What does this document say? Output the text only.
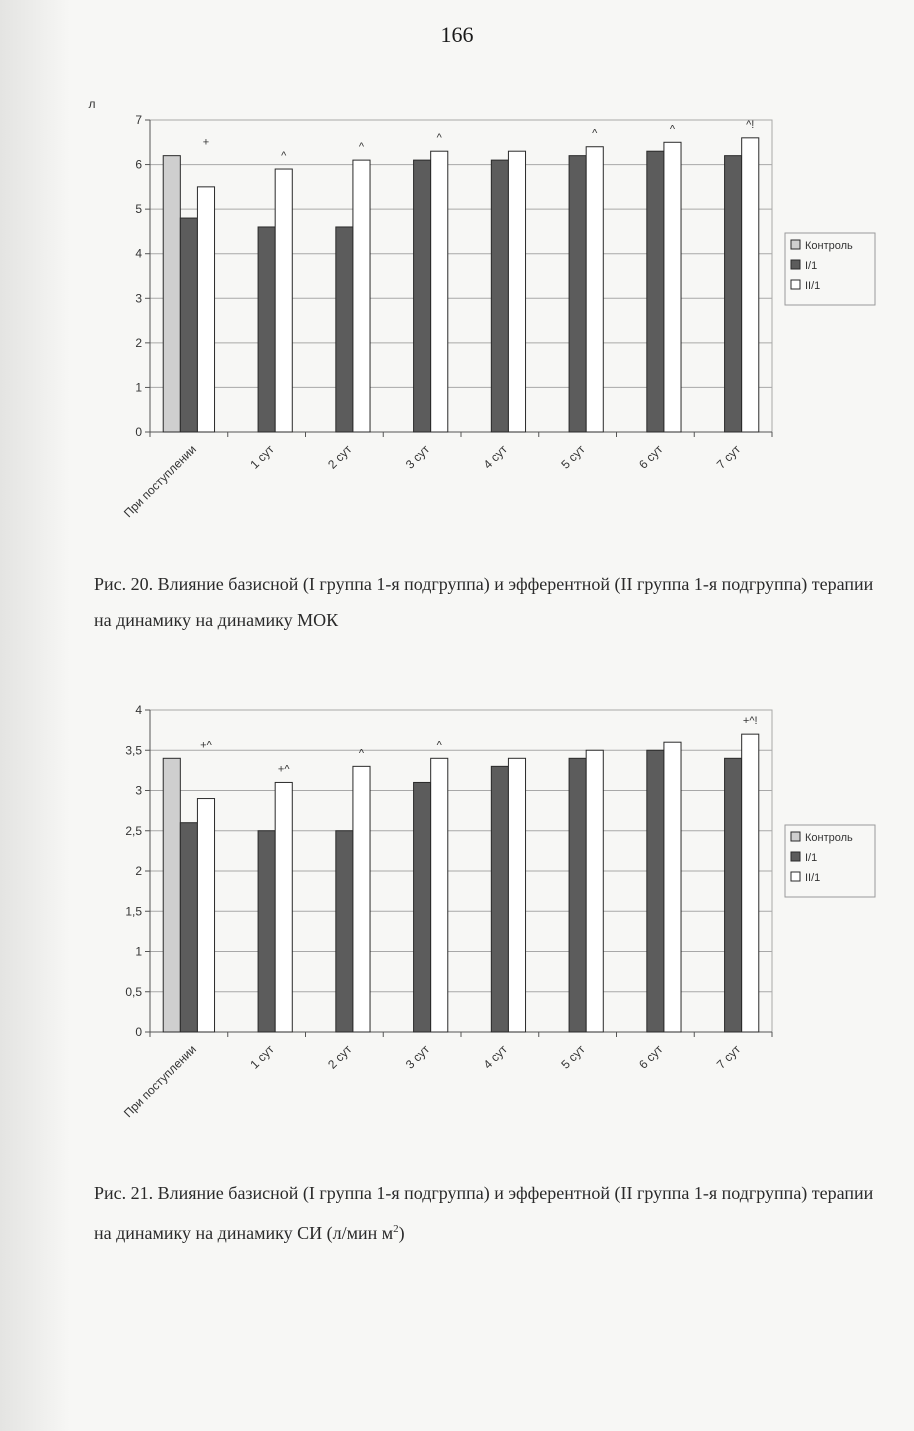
166
0
1
2
3
4
5
6
7
л
+
При поступлении
^
1 сут
^
2 сут
^
3 сут	4 сут
^
5 сут
^
6 сут
^!
7 сут
Контроль
I/1
II/1
Рис. 20. Влияние базисной (I группа 1-я подгруппа) и эфферентной (II группа 1-я подгруппа) терапии на динамику на динамику МОК
0
0,5
1
1,5
2
2,5
3
3,5
4
+^
При поступлении
+^
1 сут
^
2 сут
^
3 сут	4 сут	5 сут	6 сут
+^!
7 сут
Контроль
I/1
II/1
Рис. 21. Влияние базисной (I группа 1-я подгруппа) и эфферентной (II группа 1-я подгруппа) терапии на динамику на динамику СИ (л/мин $м^2$)
